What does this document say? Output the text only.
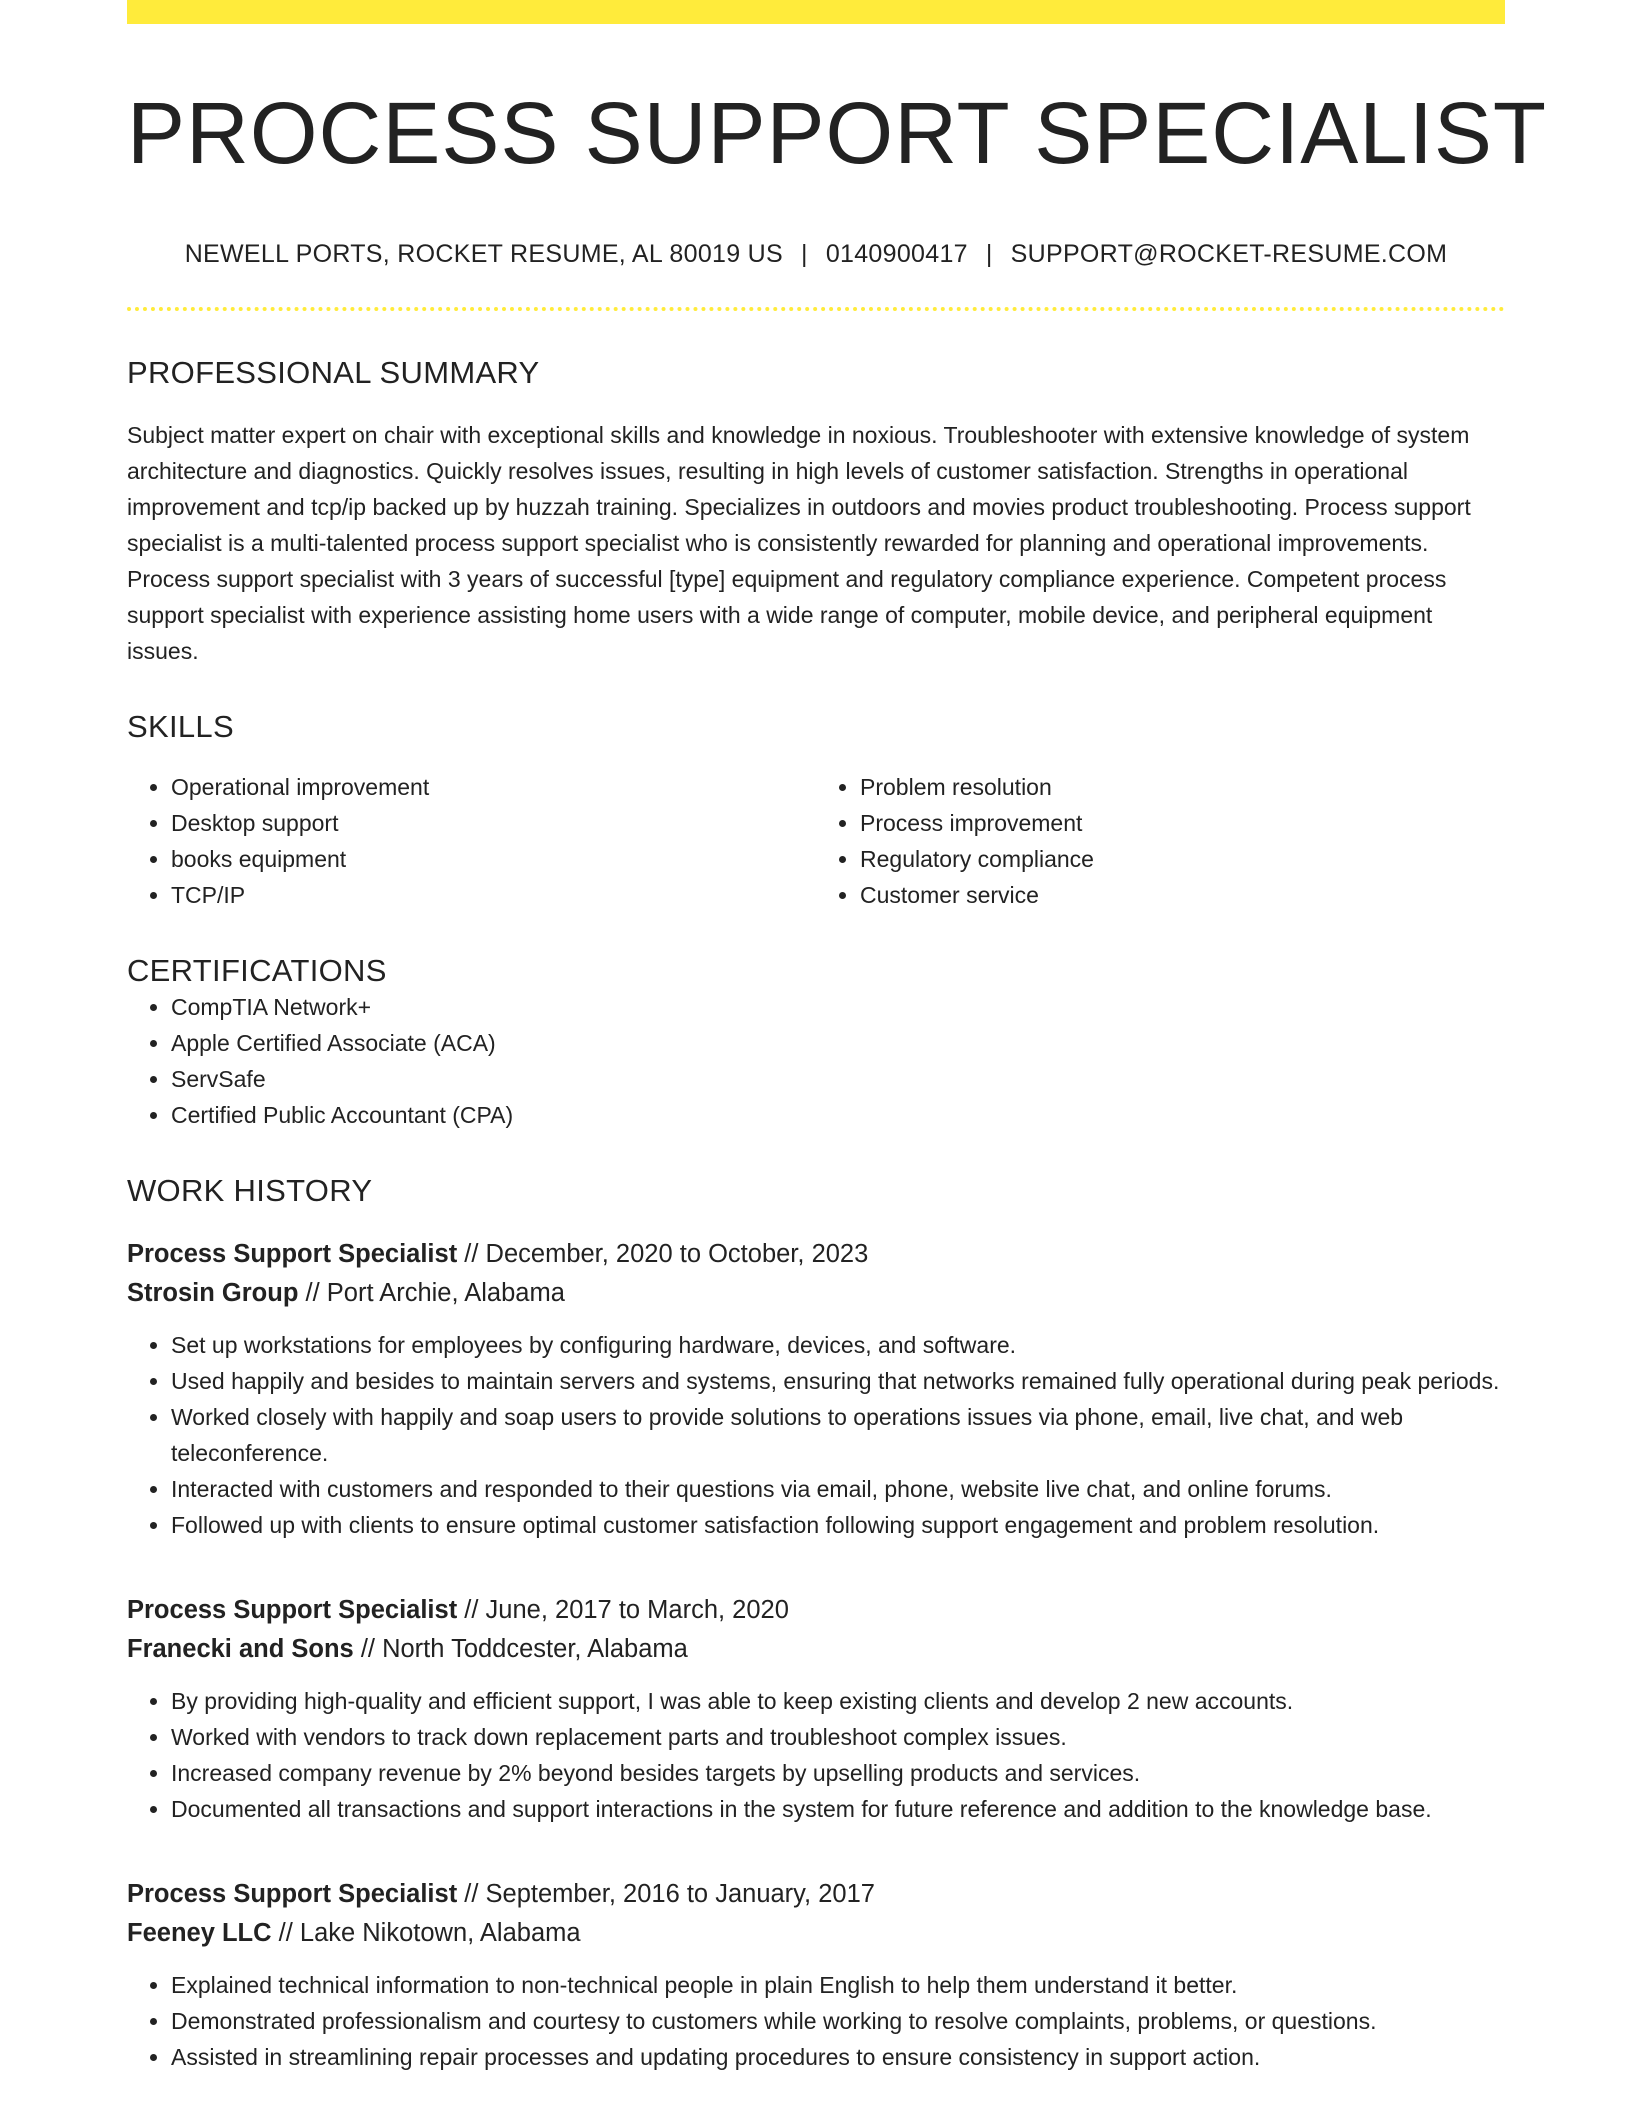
PROCESS SUPPORT SPECIALIST
NEWELL PORTS, ROCKET RESUME, AL 80019 US | 0140900417 | SUPPORT@ROCKET-RESUME.COM
PROFESSIONAL SUMMARY
Subject matter expert on chair with exceptional skills and knowledge in noxious. Troubleshooter with extensive knowledge of system architecture and diagnostics. Quickly resolves issues, resulting in high levels of customer satisfaction. Strengths in operational improvement and tcp/ip backed up by huzzah training. Specializes in outdoors and movies product troubleshooting. Process support specialist is a multi-talented process support specialist who is consistently rewarded for planning and operational improvements. Process support specialist with 3 years of successful [type] equipment and regulatory compliance experience. Competent process support specialist with experience assisting home users with a wide range of computer, mobile device, and peripheral equipment issues.
SKILLS
• Operational improvement
• Desktop support
• books equipment
• TCP/IP
• Problem resolution
• Process improvement
• Regulatory compliance
• Customer service
CERTIFICATIONS
• CompTIA Network+
• Apple Certified Associate (ACA)
• ServSafe
• Certified Public Accountant (CPA)
WORK HISTORY
Process Support Specialist // December, 2020 to October, 2023
Strosin Group // Port Archie, Alabama
• Set up workstations for employees by configuring hardware, devices, and software.
• Used happily and besides to maintain servers and systems, ensuring that networks remained fully operational during peak periods.
• Worked closely with happily and soap users to provide solutions to operations issues via phone, email, live chat, and web teleconference.
• Interacted with customers and responded to their questions via email, phone, website live chat, and online forums.
• Followed up with clients to ensure optimal customer satisfaction following support engagement and problem resolution.
Process Support Specialist // June, 2017 to March, 2020
Franecki and Sons // North Toddcester, Alabama
• By providing high-quality and efficient support, I was able to keep existing clients and develop 2 new accounts.
• Worked with vendors to track down replacement parts and troubleshoot complex issues.
• Increased company revenue by 2% beyond besides targets by upselling products and services.
• Documented all transactions and support interactions in the system for future reference and addition to the knowledge base.
Process Support Specialist // September, 2016 to January, 2017
Feeney LLC // Lake Nikotown, Alabama
• Explained technical information to non-technical people in plain English to help them understand it better.
• Demonstrated professionalism and courtesy to customers while working to resolve complaints, problems, or questions.
• Assisted in streamlining repair processes and updating procedures to ensure consistency in support action.
